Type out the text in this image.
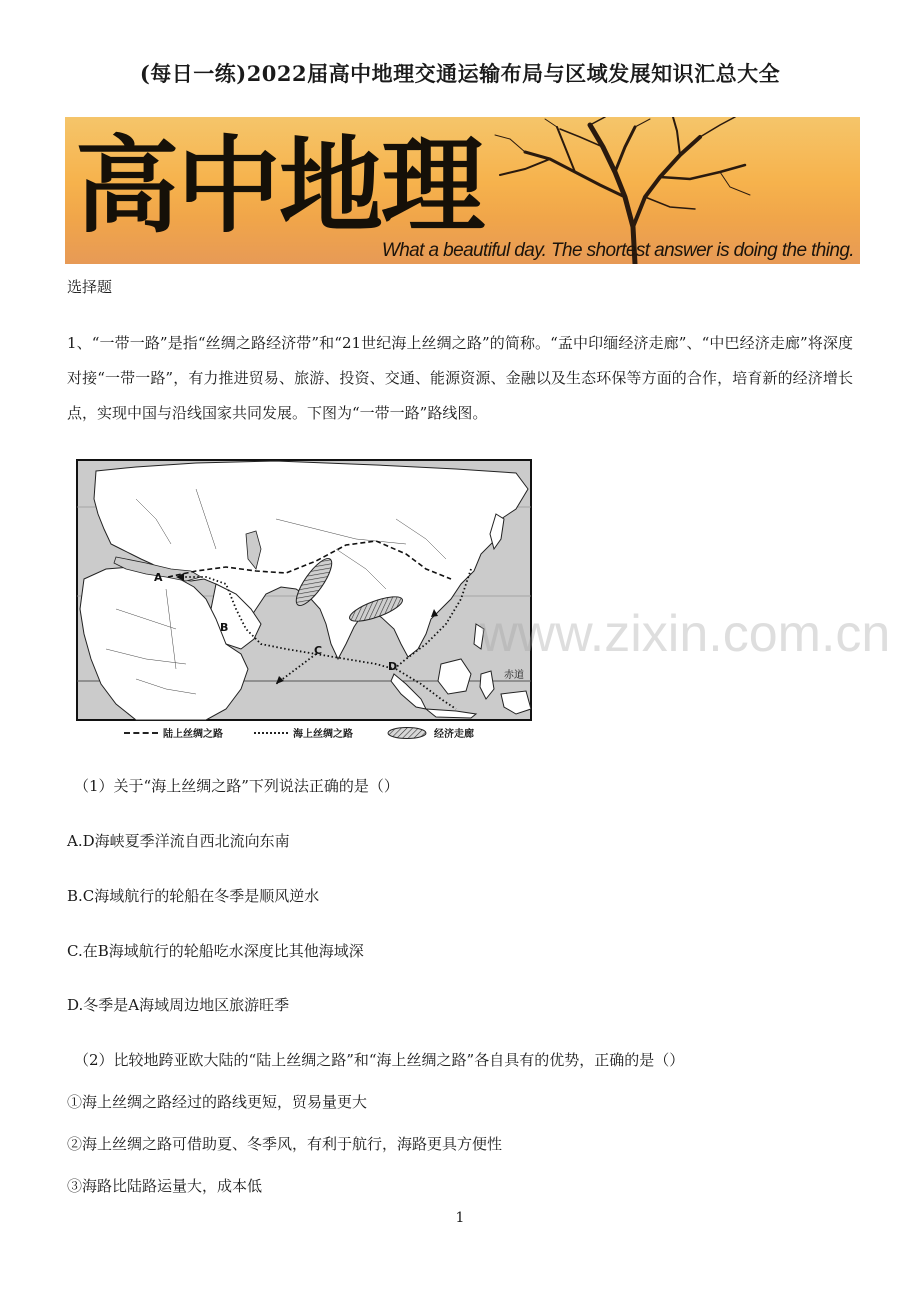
(每日一练)2022届高中地理交通运输布局与区域发展知识汇总大全
高中地理
What a beautiful day. The shortest answer is doing the thing.
选择题
1、“一带一路”是指“丝绸之路经济带”和“21世纪海上丝绸之路”的简称。“孟中印缅经济走廊”、“中巴经济走廊”将深度对接“一带一路”，有力推进贸易、旅游、投资、交通、能源资源、金融以及生态环保等方面的合作，培育新的经济增长点，实现中国与沿线国家共同发展。下图为“一带一路”路线图。
A
B
C
D
赤道
www.zixin.com.cn
陆上丝绸之路	海上丝绸之路	经济走廊
（1）关于“海上丝绸之路”下列说法正确的是（）
A.D海峡夏季洋流自西北流向东南
B.C海域航行的轮船在冬季是顺风逆水
C.在B海域航行的轮船吃水深度比其他海域深
D.冬季是A海域周边地区旅游旺季
（2）比较地跨亚欧大陆的“陆上丝绸之路”和“海上丝绸之路”各自具有的优势，正确的是（）
①海上丝绸之路经过的路线更短，贸易量更大
②海上丝绸之路可借助夏、冬季风，有利于航行，海路更具方便性
③海路比陆路运量大，成本低
1
